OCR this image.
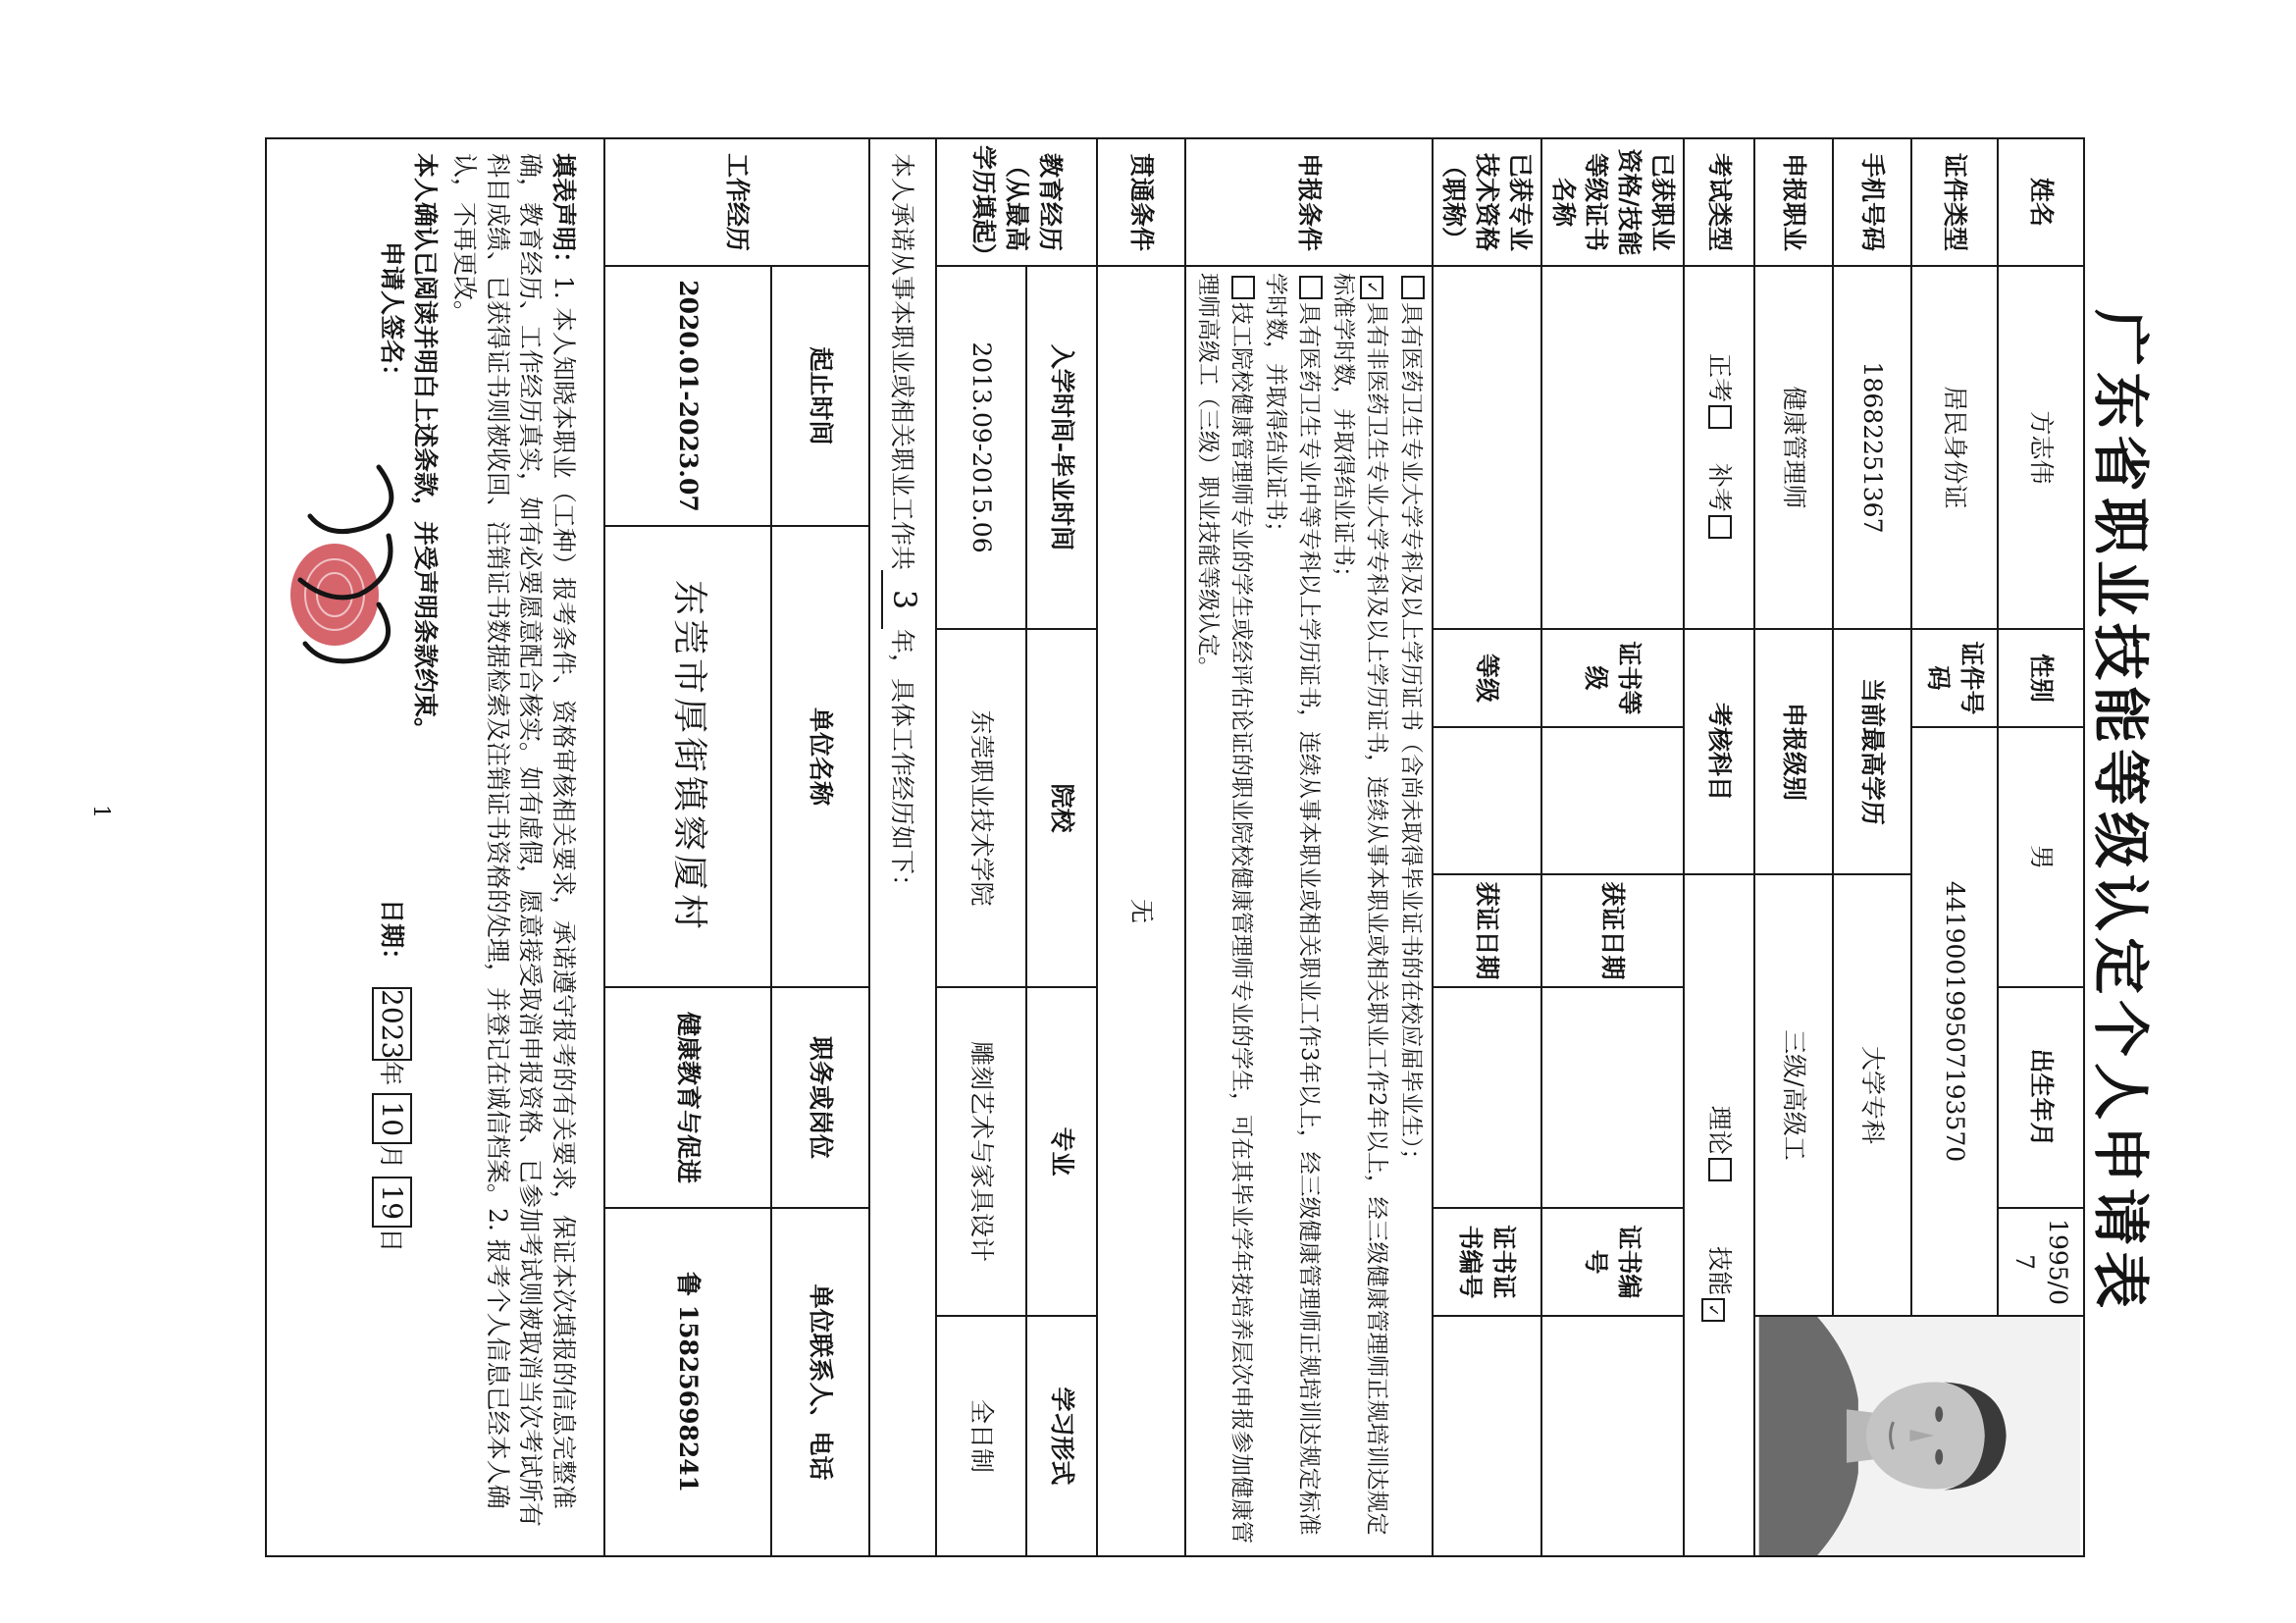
广东省职业技能等级认定个人申请表
姓名	方志伟		性别	男		出生年月	1995/07	

证件类型	居民身份证		证件号码	441900199507193570				
手机号码	18682251367		当前最高学历		大学专科			
申报职业	健康管理师		申报级别		三级/高级工			
考试类型	正考    补考		考核科目		理论        技能✓			
已获职业资格/技能等级证书名称			证书等级		获证日期		证书编号	
已获专业技术资格（职称）			等级		获证日期		证书证书编号	
申报条件	具有医药卫生专业大学专科及以上学历证书（含尚未取得毕业证书的在校应届毕业生）；
✓具有非医药卫生专业大学专科及以上学历证书，连续从事本职业或相关职业工作2年以上，经三级健康管理师正规培训达规定标准学时数，并取得结业证书；
具有医药卫生专业中等专科以上学历证书，连续从事本职业或相关职业工作3年以上，经三级健康管理师正规培训达规定标准学时数，并取得结业证书；
技工院校健康管理师专业的学生或经评估论证的职业院校健康管理师专业的学生，可在其毕业学年按培养层次申报参加健康管理师高级工（三级）职业技能等级认定。							

贯通条件	无							
教育经历（从最高学历填起）	入学时间-毕业时间		院校			专业		学习形式
	2013.09-2015.06		东莞职业技术学院			雕刻艺术与家具设计		全日制
本人承诺从事本职业或相关职业工作共3年，具体工作经历如下：								
工作经历	起止时间	单位名称				职务或岗位	单位联系人、电话	
	2020.01-2023.07	东莞市厚街镇察厦村				健康教育与促进	鲁 15825698241	
填表声明：1. 本人知晓本职业（工种）报考条件、资格审核相关要求，承诺遵守报考的有关要求，保证本次填报的信息完整准确，教育经历、工作经历真实，如有必要愿意配合核实。如有虚假，愿意接受取消申报资格、已参加考试则被取消当次考试所有科目成绩、已获得证书则被收回、注销证书数据检索及注销证书资格的处理，并登记在诚信档案。2. 报考个人信息已经本人确认，不再更改。
本人确认已阅读并明白上述条款，并受声明条款约束。
申请人签名：
日期：
2023年 10月 19日								
1
